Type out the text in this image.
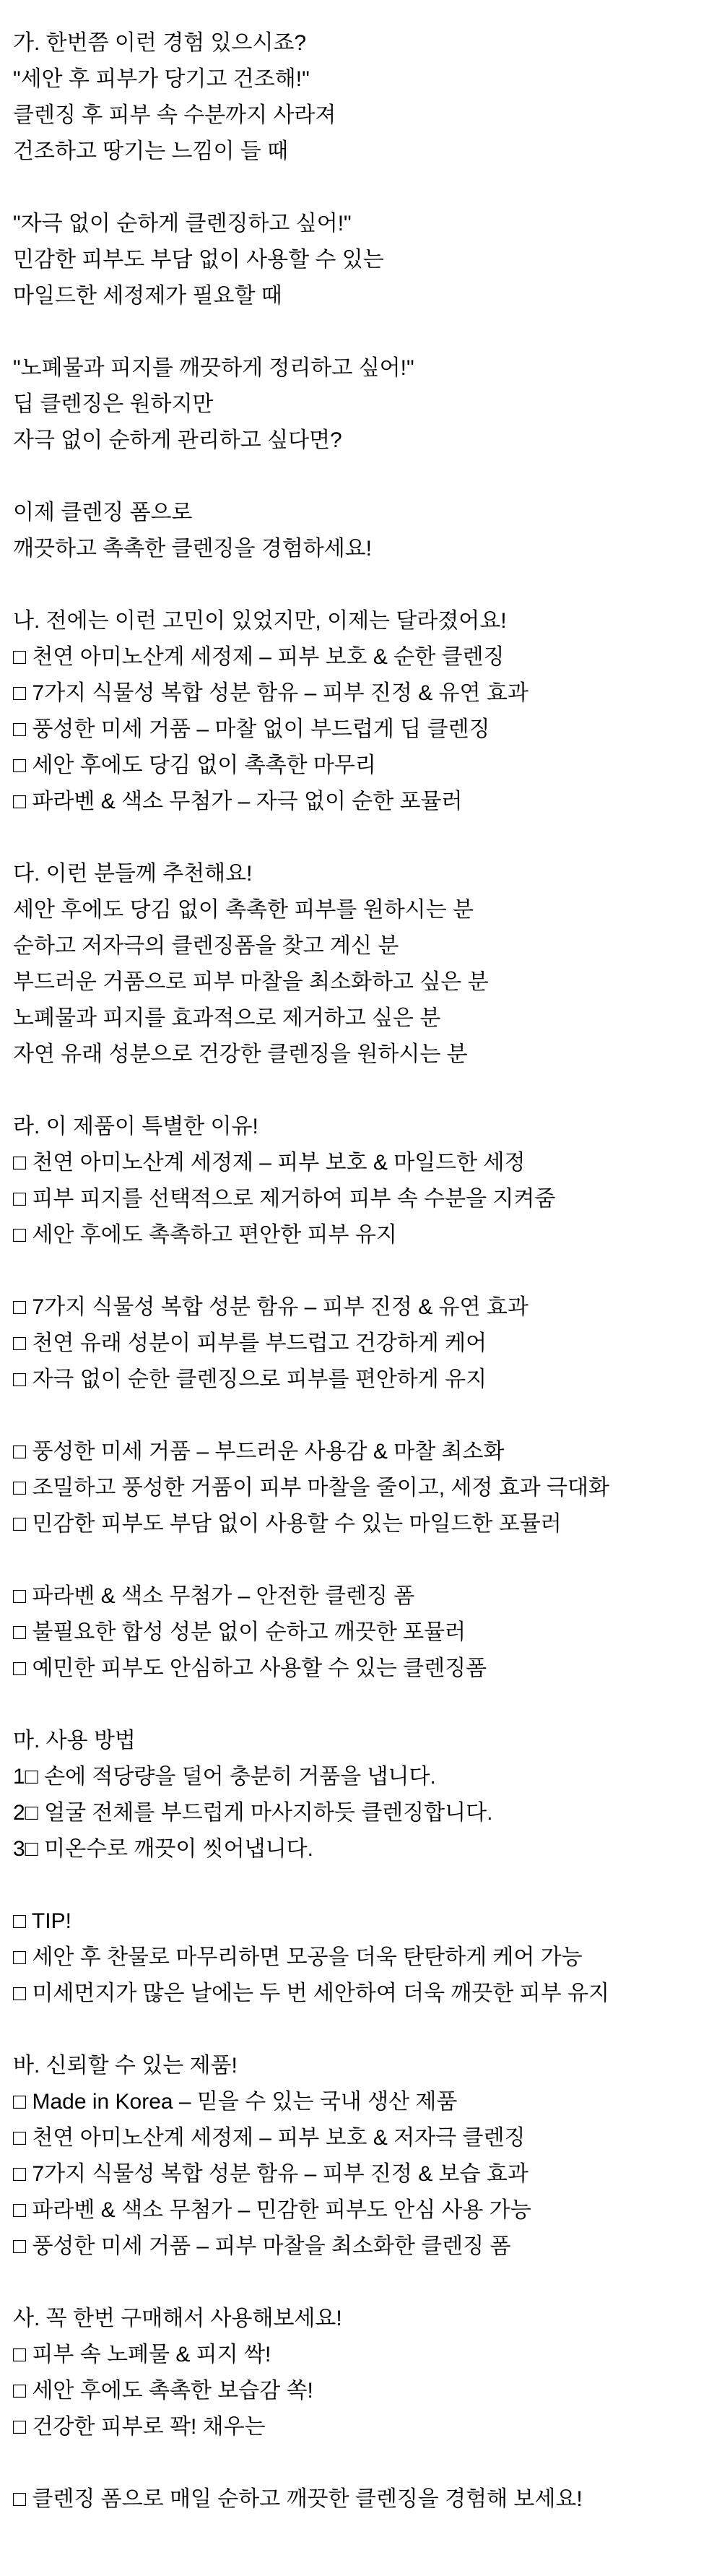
가. 한번쯤 이런 경험 있으시죠?
"세안 후 피부가 당기고 건조해!"
클렌징 후 피부 속 수분까지 사라져
건조하고 땅기는 느낌이 들 때
"자극 없이 순하게 클렌징하고 싶어!"
민감한 피부도 부담 없이 사용할 수 있는
마일드한 세정제가 필요할 때
"노폐물과 피지를 깨끗하게 정리하고 싶어!"
딥 클렌징은 원하지만
자극 없이 순하게 관리하고 싶다면?
이제 클렌징 폼으로
깨끗하고 촉촉한 클렌징을 경험하세요!
나. 전에는 이런 고민이 있었지만, 이제는 달라졌어요!
□ 천연 아미노산계 세정제 – 피부 보호 & 순한 클렌징
□ 7가지 식물성 복합 성분 함유 – 피부 진정 & 유연 효과
□ 풍성한 미세 거품 – 마찰 없이 부드럽게 딥 클렌징
□ 세안 후에도 당김 없이 촉촉한 마무리
□ 파라벤 & 색소 무첨가 – 자극 없이 순한 포뮬러
다. 이런 분들께 추천해요!
세안 후에도 당김 없이 촉촉한 피부를 원하시는 분
순하고 저자극의 클렌징폼을 찾고 계신 분
부드러운 거품으로 피부 마찰을 최소화하고 싶은 분
노폐물과 피지를 효과적으로 제거하고 싶은 분
자연 유래 성분으로 건강한 클렌징을 원하시는 분
라. 이 제품이 특별한 이유!
□ 천연 아미노산계 세정제 – 피부 보호 & 마일드한 세정
□ 피부 피지를 선택적으로 제거하여 피부 속 수분을 지켜줌
□ 세안 후에도 촉촉하고 편안한 피부 유지
□ 7가지 식물성 복합 성분 함유 – 피부 진정 & 유연 효과
□ 천연 유래 성분이 피부를 부드럽고 건강하게 케어
□ 자극 없이 순한 클렌징으로 피부를 편안하게 유지
□ 풍성한 미세 거품 – 부드러운 사용감 & 마찰 최소화
□ 조밀하고 풍성한 거품이 피부 마찰을 줄이고, 세정 효과 극대화
□ 민감한 피부도 부담 없이 사용할 수 있는 마일드한 포뮬러
□ 파라벤 & 색소 무첨가 – 안전한 클렌징 폼
□ 불필요한 합성 성분 없이 순하고 깨끗한 포뮬러
□ 예민한 피부도 안심하고 사용할 수 있는 클렌징폼
마. 사용 방법
1□ 손에 적당량을 덜어 충분히 거품을 냅니다.
2□ 얼굴 전체를 부드럽게 마사지하듯 클렌징합니다.
3□ 미온수로 깨끗이 씻어냅니다.
□ TIP!
□ 세안 후 찬물로 마무리하면 모공을 더욱 탄탄하게 케어 가능
□ 미세먼지가 많은 날에는 두 번 세안하여 더욱 깨끗한 피부 유지
바. 신뢰할 수 있는 제품!
□ Made in Korea – 믿을 수 있는 국내 생산 제품
□ 천연 아미노산계 세정제 – 피부 보호 & 저자극 클렌징
□ 7가지 식물성 복합 성분 함유 – 피부 진정 & 보습 효과
□ 파라벤 & 색소 무첨가 – 민감한 피부도 안심 사용 가능
□ 풍성한 미세 거품 – 피부 마찰을 최소화한 클렌징 폼
사. 꼭 한번 구매해서 사용해보세요!
□ 피부 속 노폐물 & 피지 싹!
□ 세안 후에도 촉촉한 보습감 쏙!
□ 건강한 피부로 꽉! 채우는
□ 클렌징 폼으로 매일 순하고 깨끗한 클렌징을 경험해 보세요!
